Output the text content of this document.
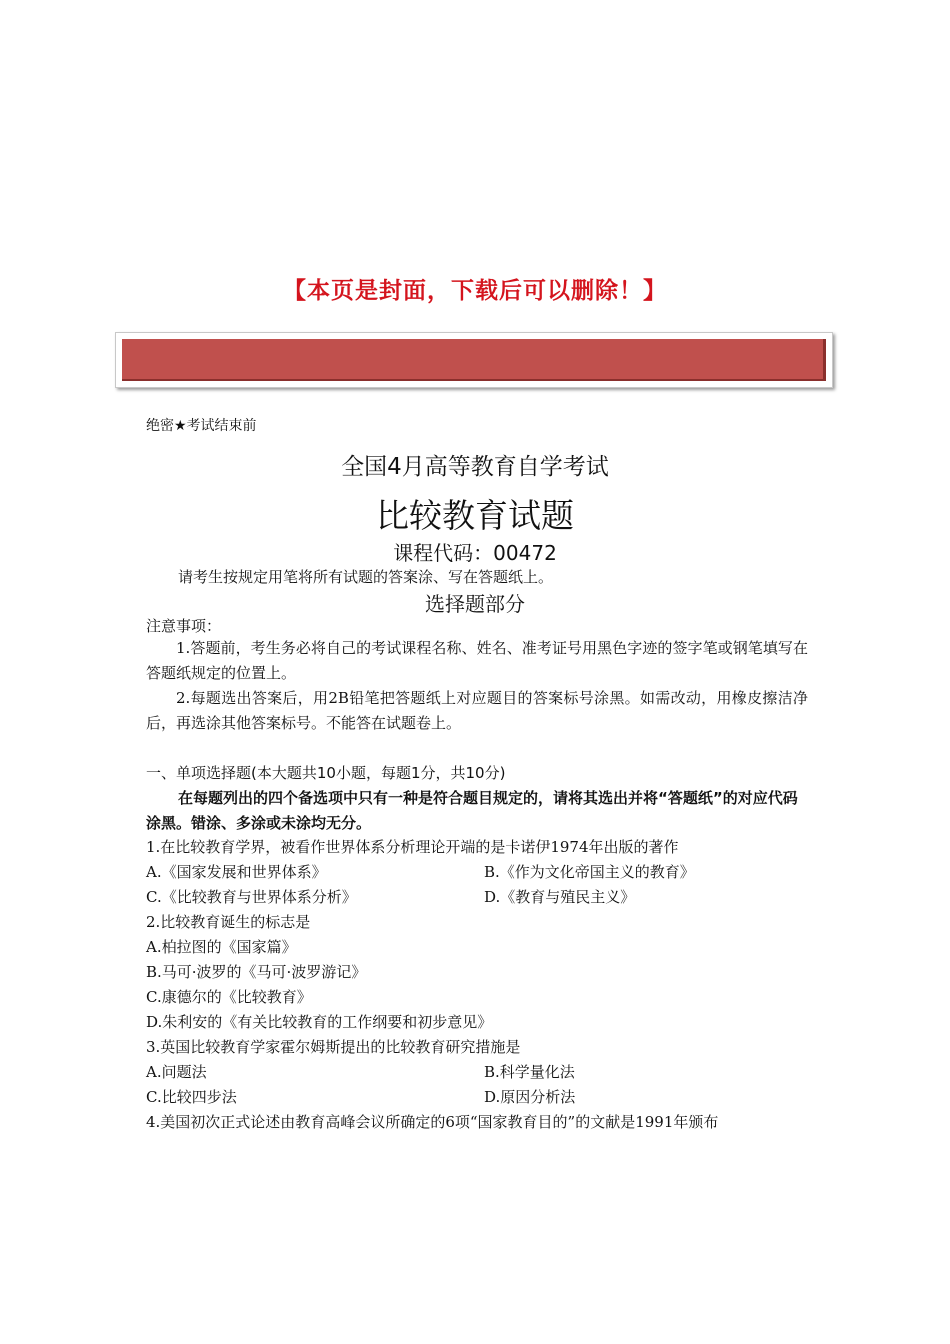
【本页是封面，下载后可以删除！】
绝密★考试结束前
全国4月高等教育自学考试
比较教育试题
课程代码：00472
请考生按规定用笔将所有试题的答案涂、写在答题纸上。
选择题部分
注意事项：
1.答题前，考生务必将自己的考试课程名称、姓名、准考证号用黑色字迹的签字笔或钢笔填写在答题纸规定的位置上。
2.每题选出答案后，用2B铅笔把答题纸上对应题目的答案标号涂黑。如需改动，用橡皮擦洁净后，再选涂其他答案标号。不能答在试题卷上。
一、单项选择题(本大题共10小题，每题1分，共10分)
在每题列出的四个备选项中只有一种是符合题目规定的，请将其选出并将“答题纸”的对应代码涂黑。错涂、多涂或未涂均无分。
1.在比较教育学界，被看作世界体系分析理论开端的是卡诺伊1974年出版的著作
A.《国家发展和世界体系》	B.《作为文化帝国主义的教育》
C.《比较教育与世界体系分析》	D.《教育与殖民主义》
2.比较教育诞生的标志是
A.柏拉图的《国家篇》
B.马可·波罗的《马可·波罗游记》
C.康德尔的《比较教育》
D.朱利安的《有关比较教育的工作纲要和初步意见》
3.英国比较教育学家霍尔姆斯提出的比较教育研究措施是
A.问题法	B.科学量化法
C.比较四步法	D.原因分析法
4.美国初次正式论述由教育高峰会议所确定的6项“国家教育目的”的文献是1991年颁布
